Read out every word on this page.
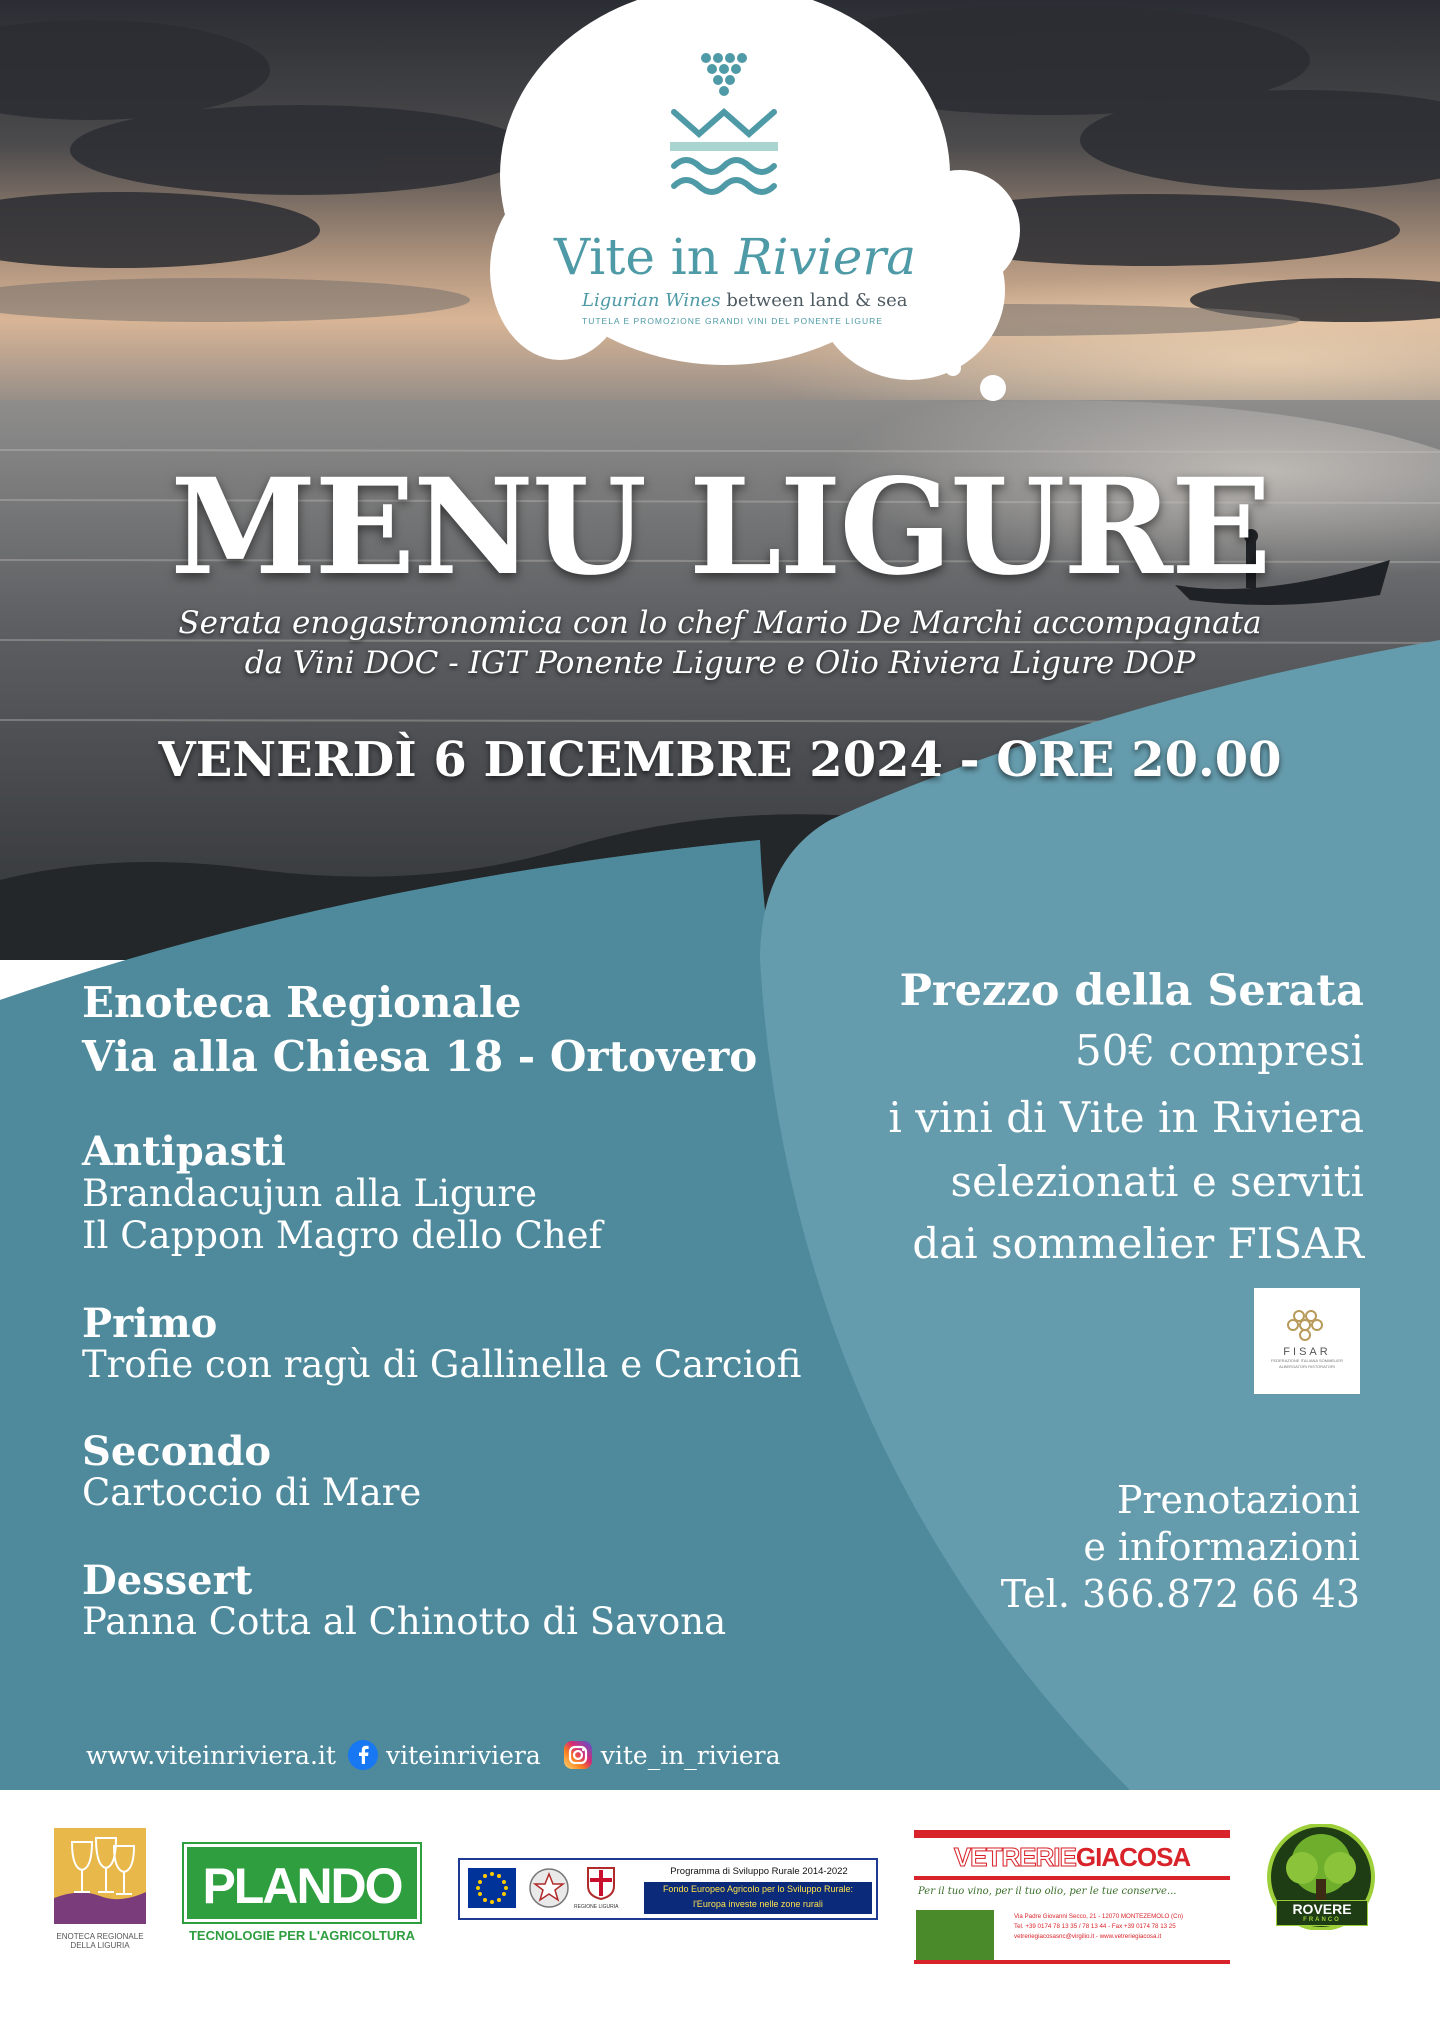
Vite in Riviera
Ligurian Wines between land & sea
TUTELA E PROMOZIONE GRANDI VINI DEL PONENTE LIGURE
MENU LIGURE
Serata enogastronomica con lo chef Mario De Marchi accompagnata
da Vini DOC - IGT Ponente Ligure e Olio Riviera Ligure DOP
VENERDÌ 6 DICEMBRE 2024 - ORE 20.00
Enoteca Regionale
Via alla Chiesa 18 - Ortovero
Antipasti
Brandacujun alla Ligure
Il Cappon Magro dello Chef
Primo
Trofie con ragù di Gallinella e Carciofi
Secondo
Cartoccio di Mare
Dessert
Panna Cotta al Chinotto di Savona
Prezzo della Serata
50€ compresi
i vini di Vite in Riviera
selezionati e serviti
dai sommelier FISAR
FISAR
FEDERAZIONE ITALIANA SOMMELIER
ALBERGATORI RISTORATORI
Prenotazioni
e informazioni
Tel. 366.872 66 43
www.viteinriviera.it viteinriviera vite_in_riviera
ENOTECA REGIONALE
DELLA LIGURIA
PLANDO
TECNOLOGIE PER L'AGRICOLTURA
REGIONE LIGURIA
Programma di Sviluppo Rurale 2014-2022
Fondo Europeo Agricolo per lo Sviluppo Rurale:
l'Europa investe nelle zone rurali
VETRERIEGIACOSA
Per il tuo vino, per il tuo olio, per le tue conserve...
Via Padre Giovanni Secco, 21 - 12070 MONTEZEMOLO (Cn)
Tel. +39 0174 78 13 35 / 78 13 44 - Fax +39 0174 78 13 25
vetreriegiacosasnc@virgilio.it - www.vetreriegiacosa.it
ROVERE
FRANCO
